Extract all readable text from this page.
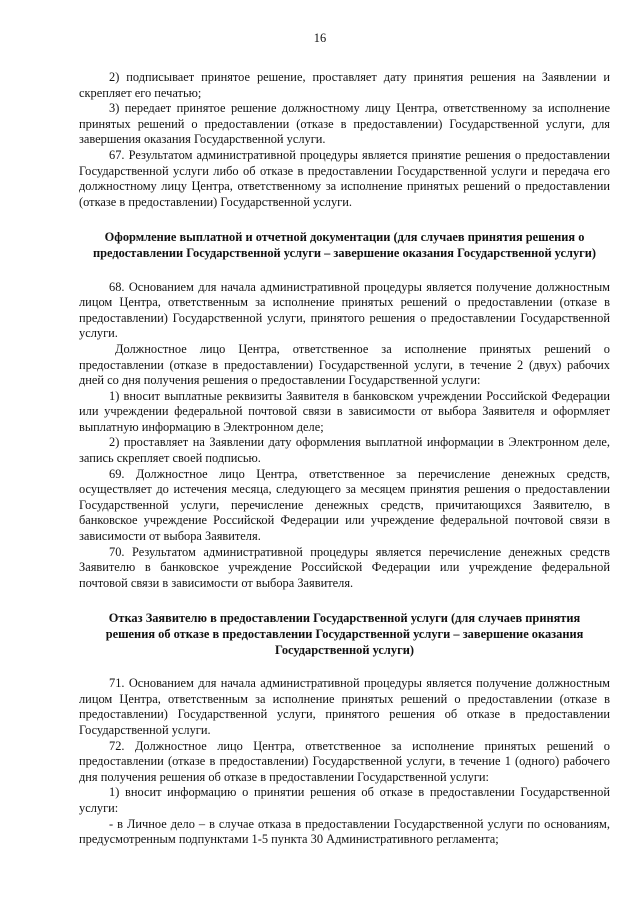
16

2) подписывает принятое решение, проставляет дату принятия решения на Заявлении и скрепляет его печатью;

3) передает принятое решение должностному лицу Центра, ответственному за исполнение принятых решений о предоставлении (отказе в предоставлении) Государственной услуги, для завершения оказания Государственной услуги.

67. Результатом административной процедуры является принятие решения о предоставлении Государственной услуги либо об отказе в предоставлении Государственной услуги и передача его должностному лицу Центра, ответственному за исполнение принятых решений о предоставлении (отказе в предоставлении) Государственной услуги.

Оформление выплатной и отчетной документации (для случаев принятия решения о предоставлении Государственной услуги – завершение оказания Государственной услуги)

68. Основанием для начала административной процедуры является получение должностным лицом Центра, ответственным за исполнение принятых решений о предоставлении (отказе в предоставлении) Государственной услуги, принятого решения о предоставлении Государственной услуги.

Должностное лицо Центра, ответственное за исполнение принятых решений о предоставлении (отказе в предоставлении) Государственной услуги, в течение 2 (двух) рабочих дней со дня получения решения о предоставлении Государственной услуги:

1) вносит выплатные реквизиты Заявителя в банковском учреждении Российской Федерации или учреждении федеральной почтовой связи в зависимости от выбора Заявителя и оформляет выплатную информацию в Электронном деле;

2) проставляет на Заявлении дату оформления выплатной информации в Электронном деле, запись скрепляет своей подписью.

69. Должностное лицо Центра, ответственное за перечисление денежных средств, осуществляет до истечения месяца, следующего за месяцем принятия решения о предоставлении Государственной услуги, перечисление денежных средств, причитающихся Заявителю, в банковское учреждение Российской Федерации или учреждение федеральной почтовой связи в зависимости от выбора Заявителя.

70. Результатом административной процедуры является перечисление денежных средств Заявителю в банковское учреждение Российской Федерации или учреждение федеральной почтовой связи в зависимости от выбора Заявителя.

Отказ Заявителю в предоставлении Государственной услуги (для случаев принятия решения об отказе в предоставлении Государственной услуги – завершение оказания Государственной услуги)

71. Основанием для начала административной процедуры является получение должностным лицом Центра, ответственным за исполнение принятых решений о предоставлении (отказе в предоставлении) Государственной услуги, принятого решения об отказе в предоставлении Государственной услуги.

72. Должностное лицо Центра, ответственное за исполнение принятых решений о предоставлении (отказе в предоставлении) Государственной услуги, в течение 1 (одного) рабочего дня получения решения об отказе в предоставлении Государственной услуги:

1) вносит информацию о принятии решения об отказе в предоставлении Государственной услуги:

- в Личное дело – в случае отказа в предоставлении Государственной услуги по основаниям, предусмотренным подпунктами 1-5 пункта 30 Административного регламента;
